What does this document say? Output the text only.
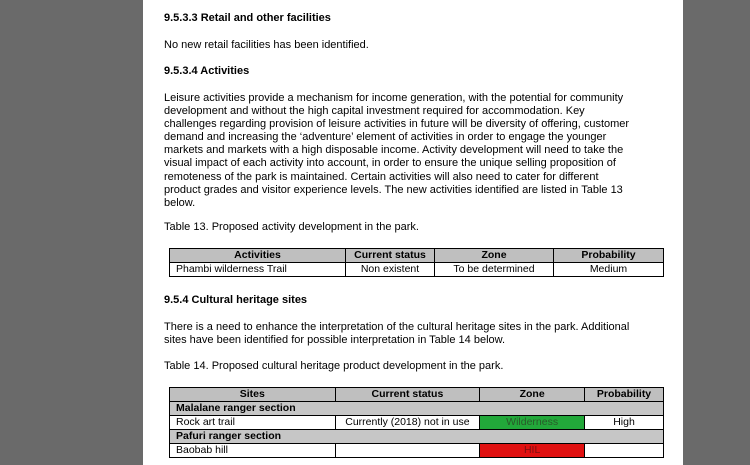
9.5.3.3 Retail and other facilities
No new retail facilities has been identified.
9.5.3.4 Activities
Leisure activities provide a mechanism for income generation, with the potential for community
development and without the high capital investment required for accommodation. Key
challenges regarding provision of leisure activities in future will be diversity of offering, customer
demand and increasing the ‘adventure’ element of activities in order to engage the younger
markets and markets with a high disposable income. Activity development will need to take the
visual impact of each activity into account, in order to ensure the unique selling proposition of
remoteness of the park is maintained. Certain activities will also need to cater for different
product grades and visitor experience levels. The new activities identified are listed in Table 13
below.
Table 13. Proposed activity development in the park.
Activities	Current status	Zone	Probability
Phambi wilderness Trail	Non existent	To be determined	Medium
9.5.4 Cultural heritage sites
There is a need to enhance the interpretation of the cultural heritage sites in the park. Additional
sites have been identified for possible interpretation in Table 14 below.
Table 14. Proposed cultural heritage product development in the park.
Sites	Current status	Zone	Probability
Malalane ranger section			
Rock art trail	Currently (2018) not in use	Wilderness	High
Pafuri ranger section			
Baobab hill		HIL	
